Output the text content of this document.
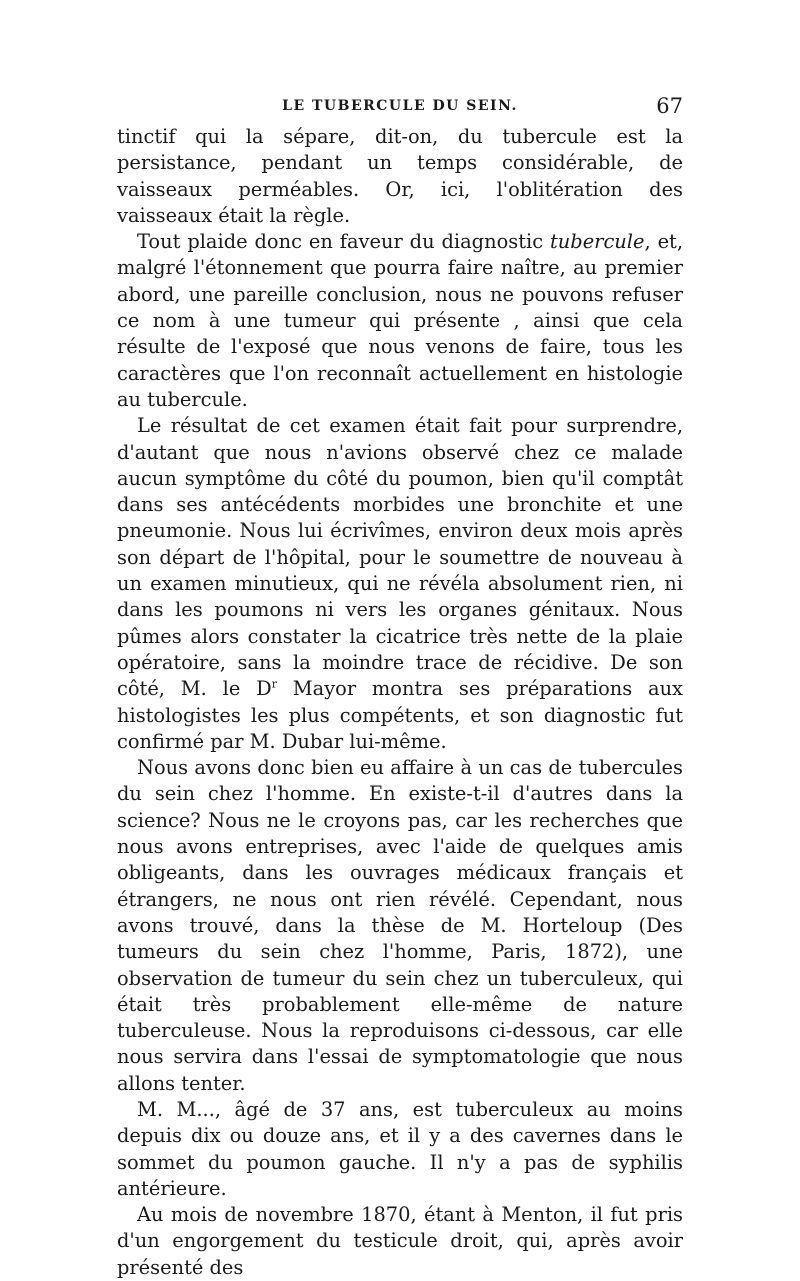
LE TUBERCULE DU SEIN.	67

tinctif qui la sépare, dit-on, du tubercule est la persistance, pendant un temps considérable, de vaisseaux perméables. Or, ici, l'oblitération des vaisseaux était la règle.

Tout plaide donc en faveur du diagnostic tubercule, et, malgré l'étonnement que pourra faire naître, au premier abord, une pareille conclusion, nous ne pouvons refuser ce nom à une tumeur qui présente , ainsi que cela résulte de l'exposé que nous venons de faire, tous les caractères que l'on reconnaît actuellement en histologie au tubercule.

Le résultat de cet examen était fait pour surprendre, d'autant que nous n'avions observé chez ce malade aucun symptôme du côté du poumon, bien qu'il comptât dans ses antécédents morbides une bronchite et une pneumonie. Nous lui écrivîmes, environ deux mois après son départ de l'hôpital, pour le soumettre de nouveau à un examen minutieux, qui ne révéla absolument rien, ni dans les poumons ni vers les organes génitaux. Nous pûmes alors constater la cicatrice très nette de la plaie opératoire, sans la moindre trace de récidive. De son côté, M. le $D^r$ Mayor montra ses préparations aux histologistes les plus compétents, et son diagnostic fut confirmé par M. Dubar lui-même.

Nous avons donc bien eu affaire à un cas de tubercules du sein chez l'homme. En existe-t-il d'autres dans la science? Nous ne le croyons pas, car les recherches que nous avons entreprises, avec l'aide de quelques amis obligeants, dans les ouvrages médicaux français et étrangers, ne nous ont rien révélé. Cependant, nous avons trouvé, dans la thèse de M. Horteloup (Des tumeurs du sein chez l'homme, Paris, 1872), une observation de tumeur du sein chez un tuberculeux, qui était très probablement elle-même de nature tuberculeuse. Nous la reproduisons ci-dessous, car elle nous servira dans l'essai de symptomatologie que nous allons tenter.

M. M..., âgé de 37 ans, est tuberculeux au moins depuis dix ou douze ans, et il y a des cavernes dans le sommet du poumon gauche. Il n'y a pas de syphilis antérieure.

Au mois de novembre 1870, étant à Menton, il fut pris d'un engorgement du testicule droit, qui, après avoir présenté des
